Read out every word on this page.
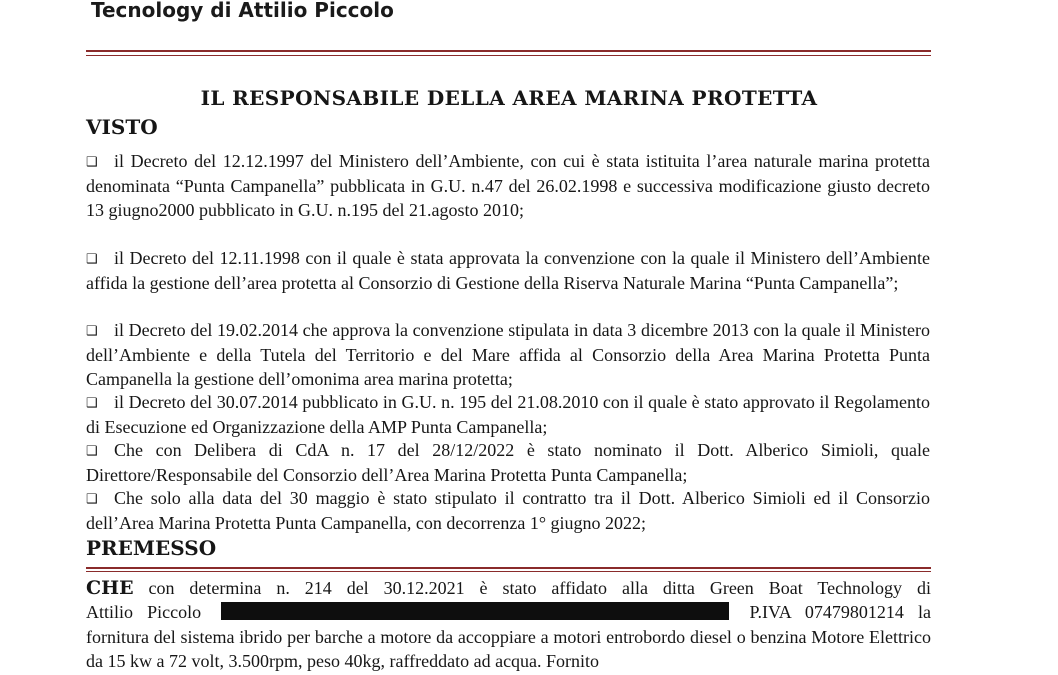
Tecnology di Attilio Piccolo
IL RESPONSABILE DELLA AREA MARINA PROTETTA
VISTO
❑ il Decreto del 12.12.1997 del Ministero dell’Ambiente, con cui è stata istituita l’area naturale marina protetta denominata “Punta Campanella” pubblicata in G.U. n.47 del 26.02.1998 e successiva modificazione giusto decreto 13 giugno2000 pubblicato in G.U. n.195 del 21.agosto 2010;
❑ il Decreto del 12.11.1998 con il quale è stata approvata la convenzione con la quale il Ministero dell’Ambiente affida la gestione dell’area protetta al Consorzio di Gestione della Riserva Naturale Marina “Punta Campanella”;
❑ il Decreto del 19.02.2014 che approva la convenzione stipulata in data 3 dicembre 2013 con la quale il Ministero dell’Ambiente e della Tutela del Territorio e del Mare affida al Consorzio della Area Marina Protetta Punta Campanella la gestione dell’omonima area marina protetta;
❑ il Decreto del 30.07.2014 pubblicato in G.U. n. 195 del 21.08.2010 con il quale è stato approvato il Regolamento di Esecuzione ed Organizzazione della AMP Punta Campanella;
❑ Che con Delibera di CdA n. 17 del 28/12/2022 è stato nominato il Dott. Alberico Simioli, quale Direttore/Responsabile del Consorzio dell’Area Marina Protetta Punta Campanella;
❑ Che solo alla data del 30 maggio è stato stipulato il contratto tra il Dott. Alberico Simioli ed il Consorzio dell’Area Marina Protetta Punta Campanella, con decorrenza 1° giugno 2022;
PREMESSO
CHE con determina n. 214 del 30.12.2021 è stato affidato alla ditta Green Boat Technology di
Attilio Piccolo	P.IVA 07479801214 la
fornitura del sistema ibrido per barche a motore da accoppiare a motori entrobordo diesel o benzina Motore Elettrico da 15 kw a 72 volt, 3.500rpm, peso 40kg, raffreddato ad acqua. Fornito
